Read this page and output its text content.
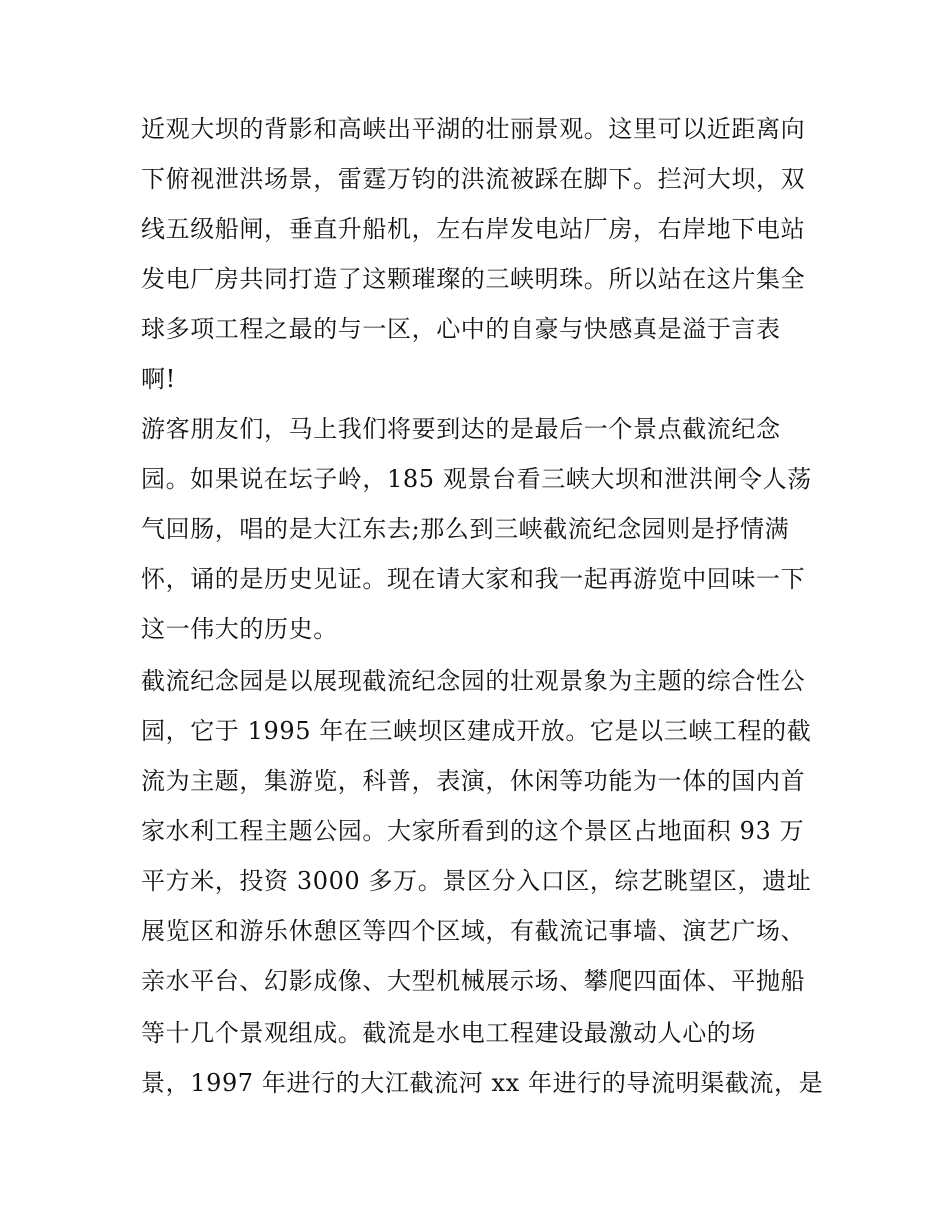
近观大坝的背影和高峡出平湖的壮丽景观。这里可以近距离向
下俯视泄洪场景，雷霆万钧的洪流被踩在脚下。拦河大坝，双
线五级船闸，垂直升船机，左右岸发电站厂房，右岸地下电站
发电厂房共同打造了这颗璀璨的三峡明珠。所以站在这片集全
球多项工程之最的与一区，心中的自豪与快感真是溢于言表
啊!
游客朋友们，马上我们将要到达的是最后一个景点截流纪念
园。如果说在坛子岭，185 观景台看三峡大坝和泄洪闸令人荡
气回肠，唱的是大江东去;那么到三峡截流纪念园则是抒情满
怀，诵的是历史见证。现在请大家和我一起再游览中回味一下
这一伟大的历史。
截流纪念园是以展现截流纪念园的壮观景象为主题的综合性公
园，它于 1995 年在三峡坝区建成开放。它是以三峡工程的截
流为主题，集游览，科普，表演，休闲等功能为一体的国内首
家水利工程主题公园。大家所看到的这个景区占地面积 93 万
平方米，投资 3000 多万。景区分入口区，综艺眺望区，遗址
展览区和游乐休憩区等四个区域，有截流记事墙、演艺广场、
亲水平台、幻影成像、大型机械展示场、攀爬四面体、平抛船
等十几个景观组成。截流是水电工程建设最激动人心的场
景，1997 年进行的大江截流河 xx 年进行的导流明渠截流，是
